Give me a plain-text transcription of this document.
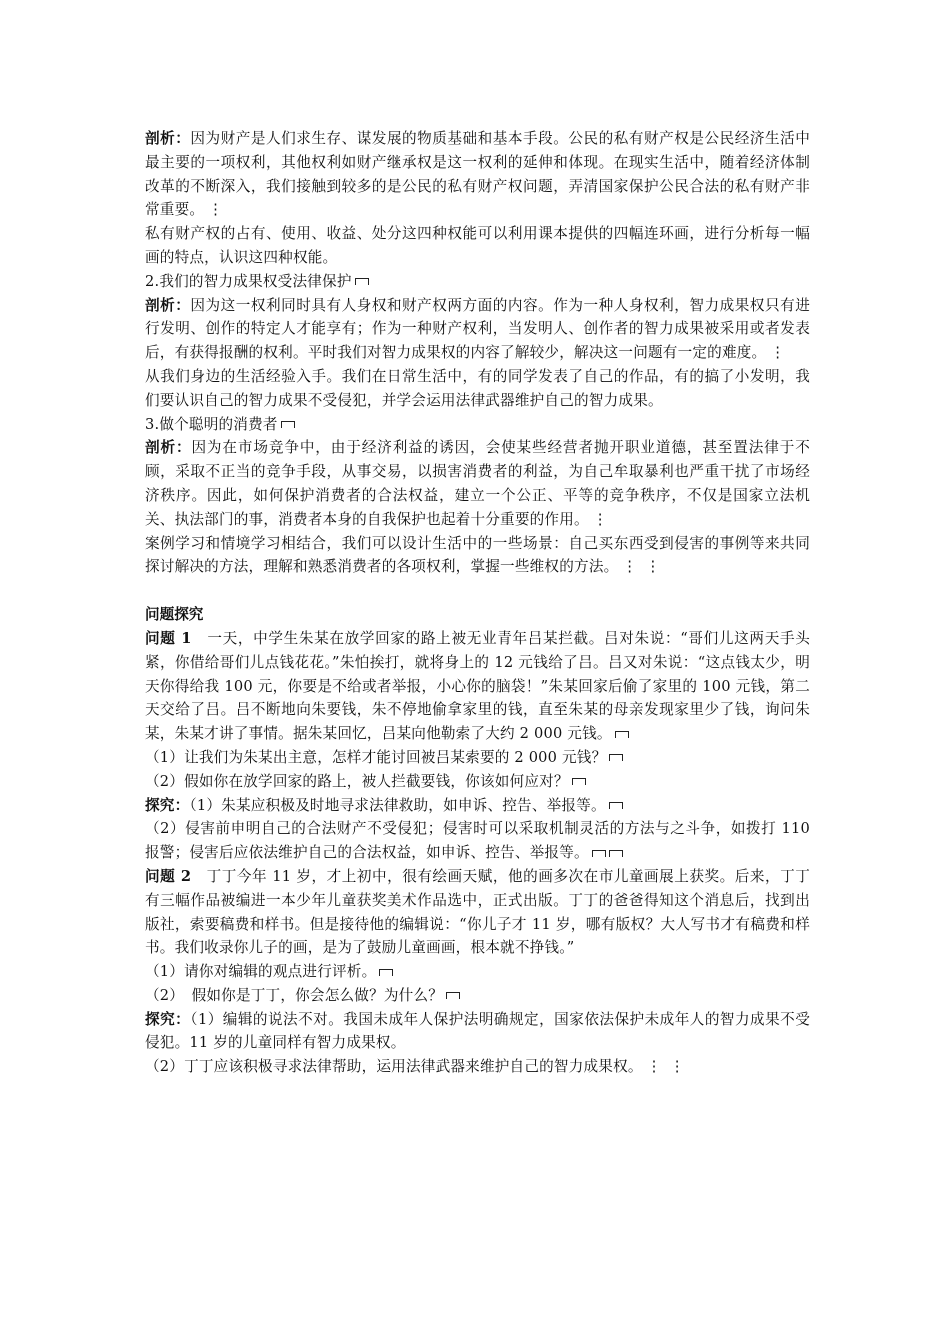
剖析：因为财产是人们求生存、谋发展的物质基础和基本手段。公民的私有财产权是公民经济生活中最主要的一项权利，其他权利如财产继承权是这一权利的延伸和体现。在现实生活中，随着经济体制改革的不断深入，我们接触到较多的是公民的私有财产权问题，弄清国家保护公民合法的私有财产非常重要。 ⋮
私有财产权的占有、使用、收益、处分这四种权能可以利用课本提供的四幅连环画，进行分析每一幅画的特点，认识这四种权能。
2.我们的智力成果权受法律保护
剖析：因为这一权利同时具有人身权和财产权两方面的内容。作为一种人身权利，智力成果权只有进行发明、创作的特定人才能享有；作为一种财产权利，当发明人、创作者的智力成果被采用或者发表后，有获得报酬的权利。平时我们对智力成果权的内容了解较少，解决这一问题有一定的难度。 ⋮
从我们身边的生活经验入手。我们在日常生活中，有的同学发表了自己的作品，有的搞了小发明，我们要认识自己的智力成果不受侵犯，并学会运用法律武器维护自己的智力成果。
3.做个聪明的消费者
剖析：因为在市场竞争中，由于经济利益的诱因，会使某些经营者抛开职业道德，甚至置法律于不顾，采取不正当的竞争手段，从事交易，以损害消费者的利益，为自己牟取暴利也严重干扰了市场经济秩序。因此，如何保护消费者的合法权益，建立一个公正、平等的竞争秩序，不仅是国家立法机关、执法部门的事，消费者本身的自我保护也起着十分重要的作用。 ⋮
案例学习和情境学习相结合，我们可以设计生活中的一些场景：自己买东西受到侵害的事例等来共同探讨解决的方法，理解和熟悉消费者的各项权利，掌握一些维权的方法。 ⋮ ⋮
问题探究
问题 1　一天，中学生朱某在放学回家的路上被无业青年吕某拦截。吕对朱说：“哥们儿这两天手头紧，你借给哥们儿点钱花花。”朱怕挨打，就将身上的 12 元钱给了吕。吕又对朱说：“这点钱太少，明天你得给我 100 元，你要是不给或者举报，小心你的脑袋！”朱某回家后偷了家里的 100 元钱，第二天交给了吕。吕不断地向朱要钱，朱不停地偷拿家里的钱，直至朱某的母亲发现家里少了钱，询问朱某，朱某才讲了事情。据朱某回忆，吕某向他勒索了大约 2 000 元钱。
（1）让我们为朱某出主意，怎样才能讨回被吕某索要的 2 000 元钱？
（2）假如你在放学回家的路上，被人拦截要钱，你该如何应对？
探究：（1）朱某应积极及时地寻求法律救助，如申诉、控告、举报等。
（2）侵害前申明自己的合法财产不受侵犯；侵害时可以采取机制灵活的方法与之斗争，如拨打 110 报警；侵害后应依法维护自己的合法权益，如申诉、控告、举报等。
问题 2　丁丁今年 11 岁，才上初中，很有绘画天赋，他的画多次在市儿童画展上获奖。后来，丁丁有三幅作品被编进一本少年儿童获奖美术作品选中，正式出版。丁丁的爸爸得知这个消息后，找到出版社，索要稿费和样书。但是接待他的编辑说：“你儿子才 11 岁，哪有版权？大人写书才有稿费和样书。我们收录你儿子的画，是为了鼓励儿童画画，根本就不挣钱。”
（1）请你对编辑的观点进行评析。
（2）　假如你是丁丁，你会怎么做？为什么？
探究：（1）编辑的说法不对。我国未成年人保护法明确规定，国家依法保护未成年人的智力成果不受侵犯。11 岁的儿童同样有智力成果权。
（2）丁丁应该积极寻求法律帮助，运用法律武器来维护自己的智力成果权。 ⋮ ⋮
